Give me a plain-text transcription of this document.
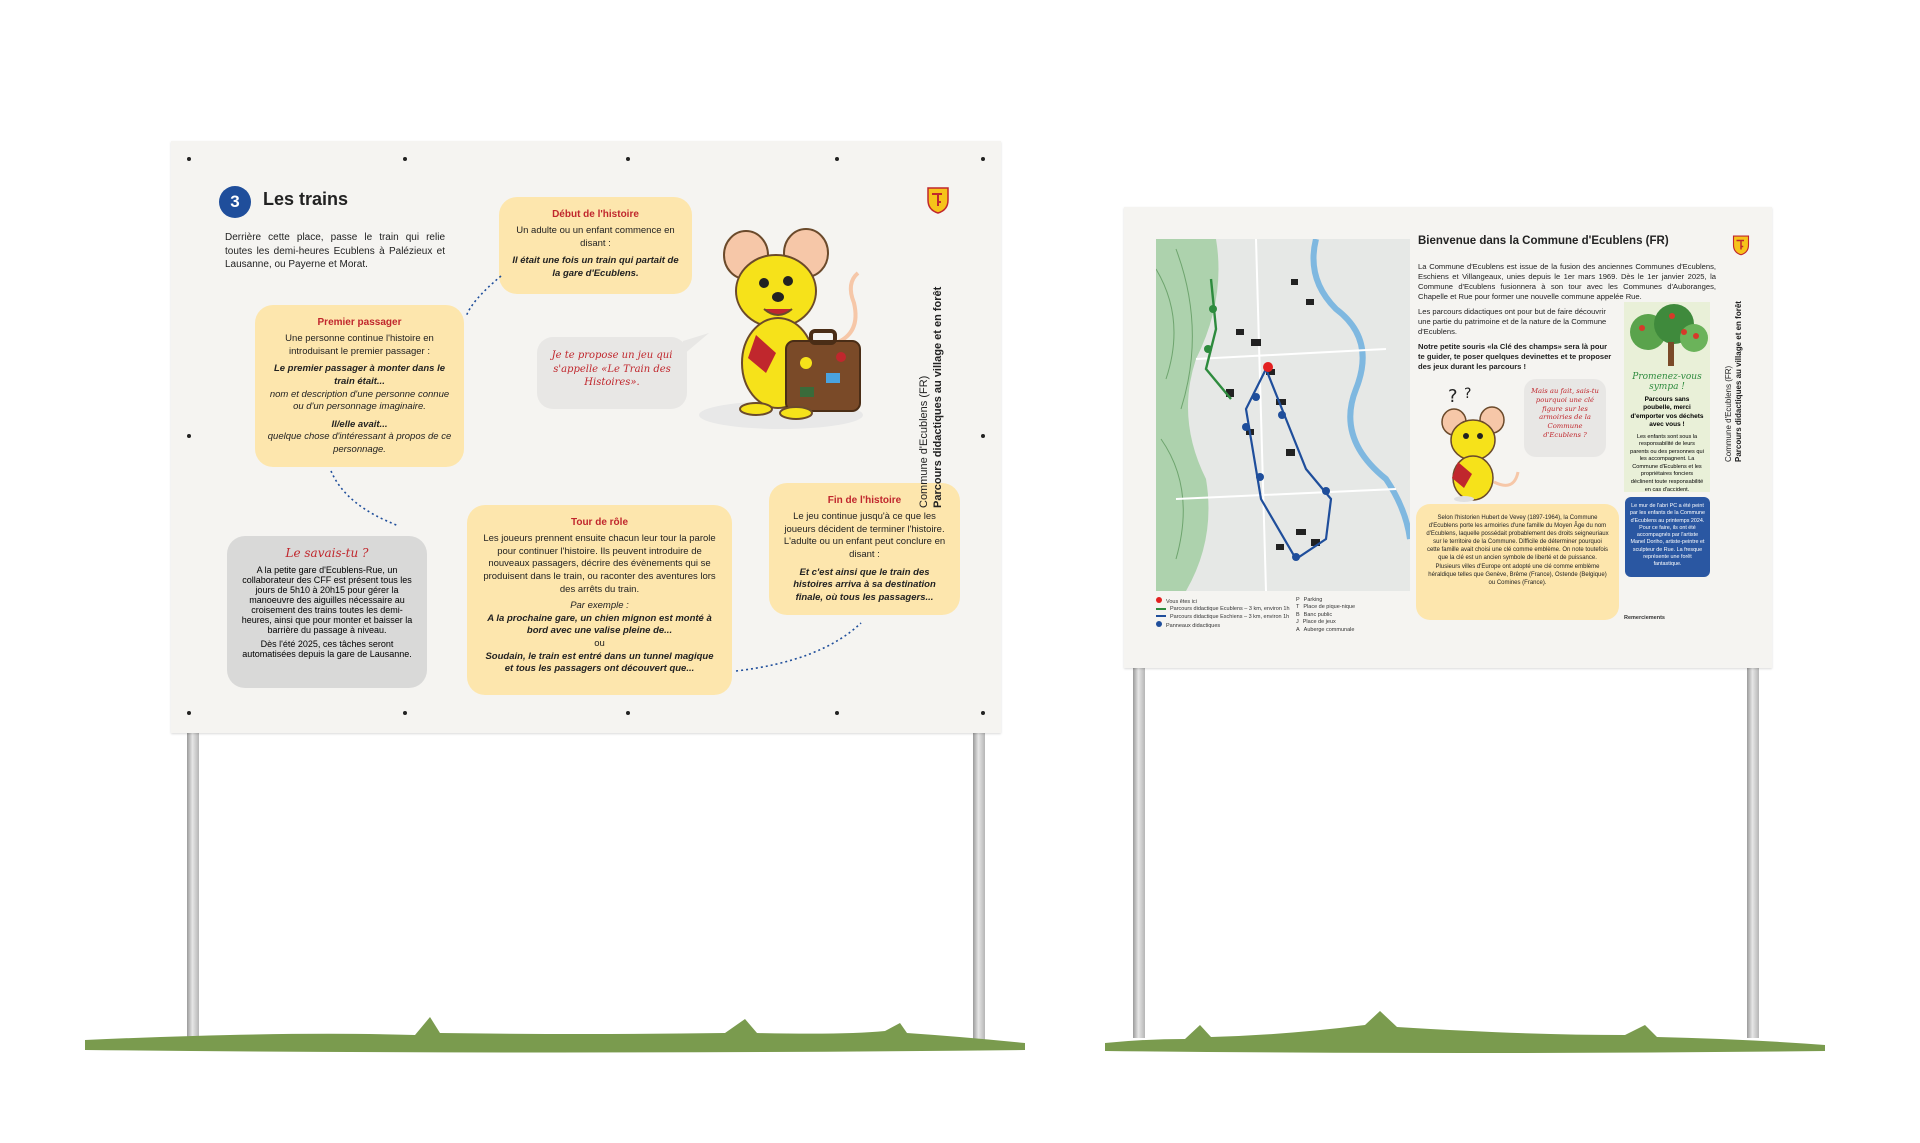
3	Les trains
Derrière cette place, passe le train qui relie toutes les demi-heures Ecublens à Palézieux et Lausanne, ou Payerne et Morat.
Début de l'histoire
Un adulte ou un enfant commence en disant :
Il était une fois un train qui partait de la gare d'Ecublens.
Premier passager
Une personne continue l'histoire en introduisant le premier passager :
Le premier passager à monter dans le train était...
nom et description d'une personne connue ou d'un personnage imaginaire.
Il/elle avait...
quelque chose d'intéressant à propos de ce personnage.
Tour de rôle
Les joueurs prennent ensuite chacun leur tour la parole pour continuer l'histoire. Ils peuvent introduire de nouveaux passagers, décrire des évènements qui se produisent dans le train, ou raconter des aventures lors des arrêts du train.
Par exemple :
A la prochaine gare, un chien mignon est monté à bord avec une valise pleine de...
ou
Soudain, le train est entré dans un tunnel magique et tous les passagers ont découvert que...
Fin de l'histoire
Le jeu continue jusqu'à ce que les joueurs décident de terminer l'histoire. L'adulte ou un enfant peut conclure en disant :
Et c'est ainsi que le train des histoires arriva à sa destination finale, où tous les passagers...
Le savais-tu ?
A la petite gare d'Ecublens-Rue, un collaborateur des CFF est présent tous les jours de 5h10 à 20h15 pour gérer la manoeuvre des aiguilles nécessaire au croisement des trains toutes les demi-heures, ainsi que pour monter et baisser la barrière du passage à niveau.
Dès l'été 2025, ces tâches seront automatisées depuis la gare de Lausanne.
Je te propose un jeu qui s'appelle «Le Train des Histoires».	Commune d'Ecublens (FR) Parcours didactiques au village et en forêt
Vous êtes ici
Parcours didactique Ecublens – 3 km, environ 1h
Parcours didactique Eschiens – 3 km, environ 1h
Panneaux didactiques
P Parking
T Place de pique-nique
B Banc public
J Place de jeux
A Auberge communale
Bienvenue dans la Commune d'Ecublens (FR)
La Commune d'Ecublens est issue de la fusion des anciennes Communes d'Ecublens, Eschiens et Villangeaux, unies depuis le 1er mars 1969. Dès le 1er janvier 2025, la Commune d'Ecublens fusionnera à son tour avec les Communes d'Auboranges, Chapelle et Rue pour former une nouvelle commune appelée Rue.
Les parcours didactiques ont pour but de faire découvrir une partie du patrimoine et de la nature de la Commune d'Ecublens.
Notre petite souris «la Clé des champs» sera là pour te guider, te poser quelques devinettes et te proposer des jeux durant les parcours !
Promenez-vous sympa !
Parcours sans poubelle, merci d'emporter vos déchets avec vous !
Les enfants sont sous la responsabilité de leurs parents ou des personnes qui les accompagnent. La Commune d'Ecublens et les propriétaires fonciers déclinent toute responsabilité en cas d'accident.
Mais au fait, sais-tu pourquoi une clé figure sur les armoiries de la Commune d'Ecublens ?
? ?
Selon l'historien Hubert de Vevey (1897-1964), la Commune d'Ecublens porte les armoiries d'une famille du Moyen Âge du nom d'Ecublens, laquelle possédait probablement des droits seigneuriaux sur le territoire de la Commune. Difficile de déterminer pourquoi cette famille avait choisi une clé comme emblème. On note toutefois que la clé est un ancien symbole de liberté et de puissance. Plusieurs villes d'Europe ont adopté une clé comme emblème héraldique telles que Genève, Brême (France), Ostende (Belgique) ou Comines (France).
Le mur de l'abri PC a été peint par les enfants de la Commune d'Ecublens au printemps 2024. Pour ce faire, ils ont été accompagnés par l'artiste Manel Doriho, artiste-peintre et sculpteur de Rue. La fresque représente une forêt fantastique.
Remerciements
Commune d'Ecublens (FR) Parcours didactiques au village et en forêt
